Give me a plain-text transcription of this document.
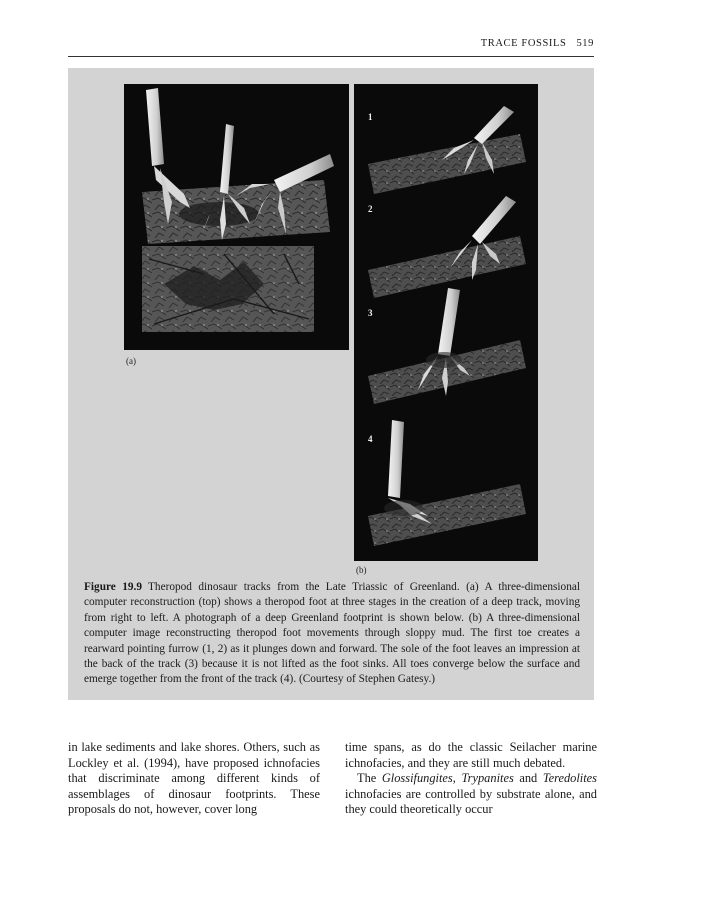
TRACE FOSSILS 519
(a)
1
2
3
4
(b)
Figure 19.9 Theropod dinosaur tracks from the Late Triassic of Greenland. (a) A three-dimensional computer reconstruction (top) shows a theropod foot at three stages in the creation of a deep track, moving from right to left. A photograph of a deep Greenland footprint is shown below. (b) A three-dimensional computer image reconstructing theropod foot movements through sloppy mud. The first toe creates a rearward pointing furrow (1, 2) as it plunges down and forward. The sole of the foot leaves an impression at the back of the track (3) because it is not lifted as the foot sinks. All toes converge below the surface and emerge together from the front of the track (4). (Courtesy of Stephen Gatesy.)

in lake sediments and lake shores. Others, such as Lockley et al. (1994), have proposed ichnofacies that discriminate among different kinds of assemblages of dinosaur footprints. These proposals do not, however, cover long

time spans, as do the classic Seilacher marine ichnofacies, and they are still much debated.

The Glossifungites, Trypanites and Teredolites ichnofacies are controlled by substrate alone, and they could theoretically occur
